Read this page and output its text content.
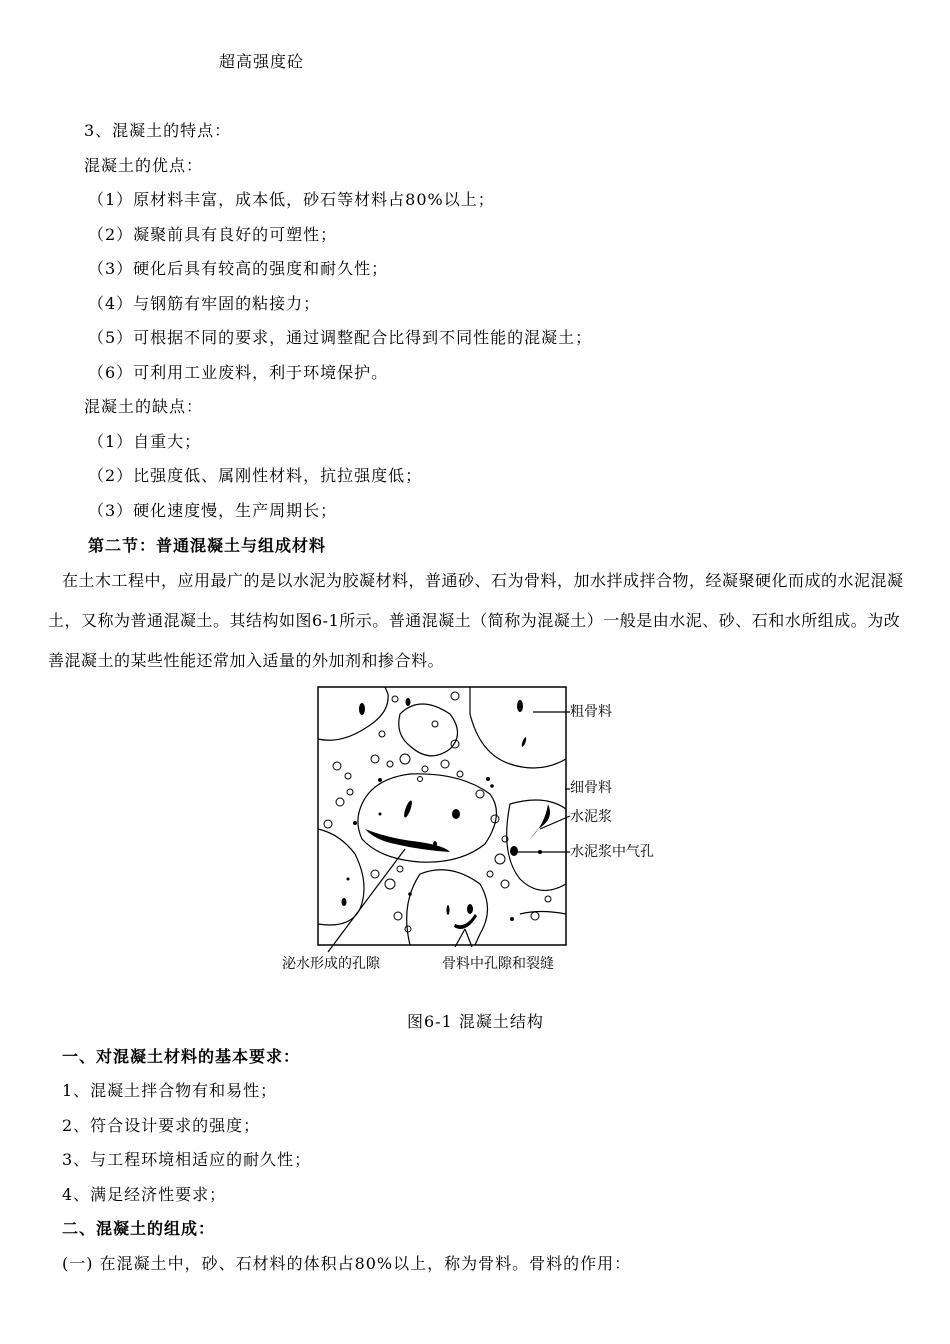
超高强度砼
3、混凝土的特点：
混凝土的优点：
（1）原材料丰富，成本低，砂石等材料占80%以上；
（2）凝聚前具有良好的可塑性；
（3）硬化后具有较高的强度和耐久性；
（4）与钢筋有牢固的粘接力；
（5）可根据不同的要求，通过调整配合比得到不同性能的混凝土；
（6）可利用工业废料，利于环境保护。
混凝土的缺点：
（1）自重大；
（2）比强度低、属刚性材料，抗拉强度低；
（3）硬化速度慢，生产周期长；
第二节：普通混凝土与组成材料
在土木工程中，应用最广的是以水泥为胶凝材料，普通砂、石为骨料，加水拌成拌合物，经凝聚硬化而成的水泥混凝土，又称为普通混凝土。其结构如图6-1所示。普通混凝土（简称为混凝土）一般是由水泥、砂、石和水所组成。为改善混凝土的某些性能还常加入适量的外加剂和掺合料。
粗骨料
细骨料
水泥浆
水泥浆中气孔
泌水形成的孔隙	骨料中孔隙和裂缝
图6-1 混凝土结构
一、对混凝土材料的基本要求：
1、混凝土拌合物有和易性；
2、符合设计要求的强度；
3、与工程环境相适应的耐久性；
4、满足经济性要求；
二、混凝土的组成：
(一) 在混凝土中，砂、石材料的体积占80%以上，称为骨料。骨料的作用：
